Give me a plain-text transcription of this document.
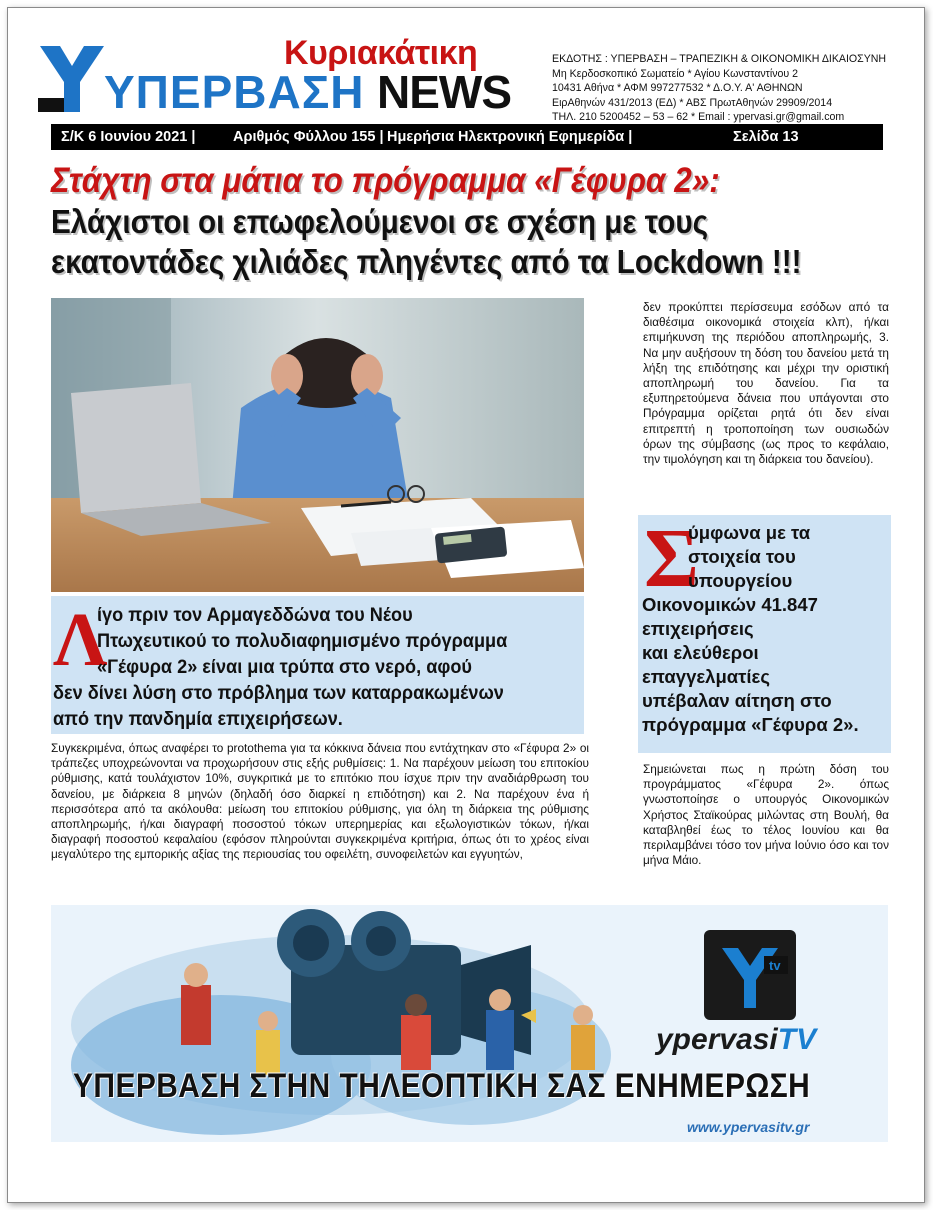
Κυριακάτικη
ΥΠΕΡΒΑΣΗ NEWS
ΕΚΔΟΤΗΣ : ΥΠΕΡΒΑΣΗ – ΤΡΑΠΕΖΙΚΗ & ΟΙΚΟΝΟΜΙΚΗ ΔΙΚΑΙΟΣΥΝΗ
Μη Κερδοσκοπικό Σωματείο * Αγίου Κωνσταντίνου 2
10431 Αθήνα * ΑΦΜ 997277532 * Δ.Ο.Υ. Α' ΑΘΗΝΩΝ
ΕιρΑθηνών 431/2013 (ΕΔ) * ΑΒΣ ΠρωτΑθηνών 29909/2014
ΤΗΛ. 210 5200452 – 53 – 62 * Email : ypervasi.gr@gmail.com
Σ/Κ 6 Ιουνίου 2021 |	Αριθμός Φύλλου 155 | Ημερήσια Ηλεκτρονική Εφημερίδα |	Σελίδα 13
Στάχτη στα μάτια το πρόγραμμα «Γέφυρα 2»:
Ελάχιστοι οι επωφελούμενοι σε σχέση με τους
εκατοντάδες χιλιάδες πληγέντες από τα Lockdown !!!
Λ
ίγο πριν τον Αρμαγεδδώνα του Νέου
Πτωχευτικού το πολυδιαφημισμένο πρόγραμμα
«Γέφυρα 2» είναι μια τρύπα στο νερό, αφού
δεν δίνει λύση στο πρόβλημα των καταρρακωμένων
από την πανδημία επιχειρήσεων.
Συγκεκριμένα, όπως αναφέρει το protothema για τα κόκκινα δάνεια που εντάχτηκαν στο «Γέφυρα 2» οι τράπεζες υποχρεώνονται να προχωρήσουν στις εξής ρυθμίσεις: 1. Να παρέχουν μείωση του επιτοκίου ρύθμισης, κατά τουλάχιστον 10%, συγκριτικά με το επιτόκιο που ίσχυε πριν την αναδιάρθρωση του δανείου, με διάρκεια 8 μηνών (δηλαδή όσο διαρκεί η επιδότηση) και 2. Να παρέχουν ένα ή περισσότερα από τα ακόλουθα: μείωση του επιτοκίου ρύθμισης, για όλη τη διάρκεια της ρύθμισης αποπληρωμής, ή/και διαγραφή ποσοστού τόκων υπερημερίας και εξωλογιστικών τόκων, ή/και διαγραφή ποσοστού κεφαλαίου (εφόσον πληρούνται συγκεκριμένα κριτήρια, όπως ότι το χρέος είναι μεγαλύτερο της εμπορικής αξίας της περιουσίας του οφειλέτη, συνοφειλετών και εγγυητών,
δεν προκύπτει περίσσευμα εσόδων από τα διαθέσιμα οικονομικά στοιχεία κλπ), ή/και επιμήκυνση της περιόδου αποπληρωμής, 3. Να μην αυξήσουν τη δόση του δανείου μετά τη λήξη της επιδότησης και μέχρι την οριστική αποπληρωμή του δανείου. Για τα εξυπηρετούμενα δάνεια που υπάγονται στο Πρόγραμμα ορίζεται ρητά ότι δεν είναι επιτρεπτή η τροποποίηση των ουσιωδών όρων της σύμβασης (ως προς το κεφάλαιο, την τιμολόγηση και τη διάρκεια του δανείου).
Σ
ύμφωνα με τα
στοιχεία του
υπουργείου
Οικονομικών 41.847
επιχειρήσεις
και ελεύθεροι
επαγγελματίες
υπέβαλαν αίτηση στο
πρόγραμμα «Γέφυρα 2».
Σημειώνεται πως η πρώτη δόση του προγράμματος «Γέφυρα 2». όπως γνωστοποίησε ο υπουργός Οικονομικών Χρήστος Σταϊκούρας μιλώντας στη Βουλή, θα καταβληθεί έως το τέλος Ιουνίου και θα περιλαμβάνει τόσο τον μήνα Ιούνιο όσο και τον μήνα Μάιο.
tv
ypervasiTV
ΥΠΕΡΒΑΣΗ ΣΤΗΝ ΤΗΛΕΟΠΤΙΚΗ ΣΑΣ ΕΝΗΜΕΡΩΣΗ
www.ypervasitv.gr
